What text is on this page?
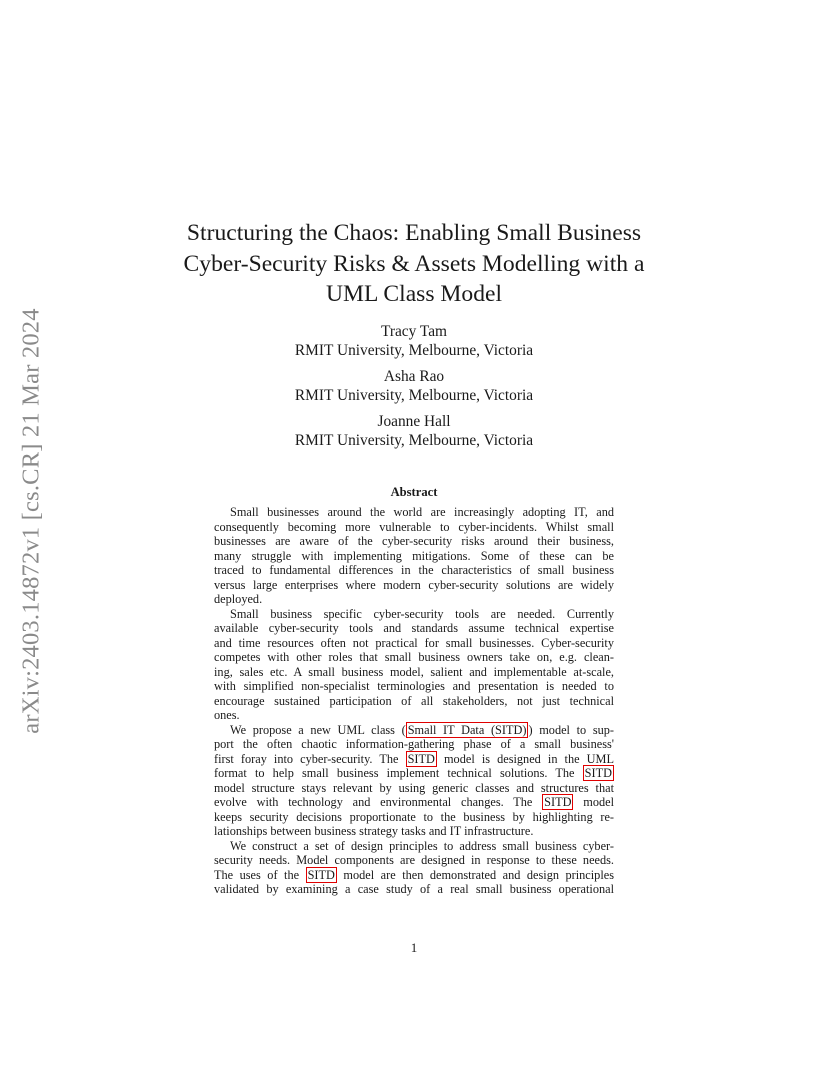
arXiv:2403.14872v1 [cs.CR] 21 Mar 2024
Structuring the Chaos: Enabling Small Business
Cyber-Security Risks & Assets Modelling with a
UML Class Model
Tracy Tam
RMIT University, Melbourne, Victoria
Asha Rao
RMIT University, Melbourne, Victoria
Joanne Hall
RMIT University, Melbourne, Victoria
Abstract
Small businesses around the world are increasingly adopting IT, and
consequently becoming more vulnerable to cyber-incidents. Whilst small
businesses are aware of the cyber-security risks around their business,
many struggle with implementing mitigations. Some of these can be
traced to fundamental differences in the characteristics of small business
versus large enterprises where modern cyber-security solutions are widely
deployed.
Small business specific cyber-security tools are needed. Currently
available cyber-security tools and standards assume technical expertise
and time resources often not practical for small businesses. Cyber-security
competes with other roles that small business owners take on, e.g. clean-
ing, sales etc. A small business model, salient and implementable at-scale,
with simplified non-specialist terminologies and presentation is needed to
encourage sustained participation of all stakeholders, not just technical
ones.
We propose a new UML class ( Small IT Data (SITD) ) model to sup-
port the often chaotic information-gathering phase of a small business'
first foray into cyber-security. The SITD model is designed in the UML
format to help small business implement technical solutions. The SITD
model structure stays relevant by using generic classes and structures that
evolve with technology and environmental changes. The SITD model
keeps security decisions proportionate to the business by highlighting re-
lationships between business strategy tasks and IT infrastructure.
We construct a set of design principles to address small business cyber-
security needs. Model components are designed in response to these needs.
The uses of the SITD model are then demonstrated and design principles
validated by examining a case study of a real small business operational
1
